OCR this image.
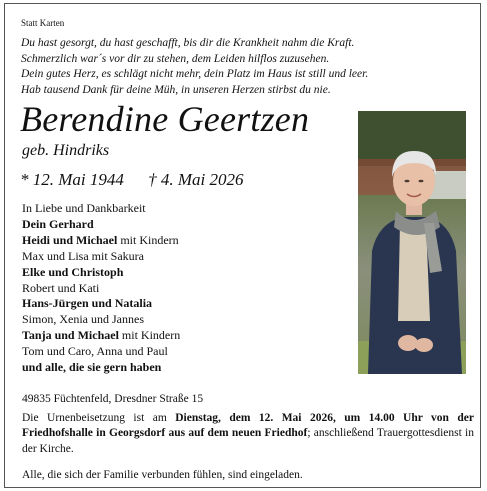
Statt Karten
Du hast gesorgt, du hast geschafft, bis dir die Krankheit nahm die Kraft.
Schmerzlich war´s vor dir zu stehen, dem Leiden hilflos zuzusehen.
Dein gutes Herz, es schlägt nicht mehr, dein Platz im Haus ist still und leer.
Hab tausend Dank für deine Müh, in unseren Herzen stirbst du nie.
Berendine Geertzen
geb. Hindriks
* 12. Mai 1944 † 4. Mai 2026
In Liebe und Dankbarkeit
Dein Gerhard
Heidi und Michael mit Kindern
Max und Lisa mit Sakura
Elke und Christoph
Robert und Kati
Hans-Jürgen und Natalia
Simon, Xenia und Jannes
Tanja und Michael mit Kindern
Tom und Caro, Anna und Paul
und alle, die sie gern haben
49835 Füchtenfeld, Dresdner Straße 15
Die Urnenbeisetzung ist am Dienstag, dem 12. Mai 2026, um 14.00 Uhr von der Friedhofshalle in Georgsdorf aus auf dem neuen Friedhof; anschließend Trauergottesdienst in der Kirche.
Alle, die sich der Familie verbunden fühlen, sind eingeladen.
